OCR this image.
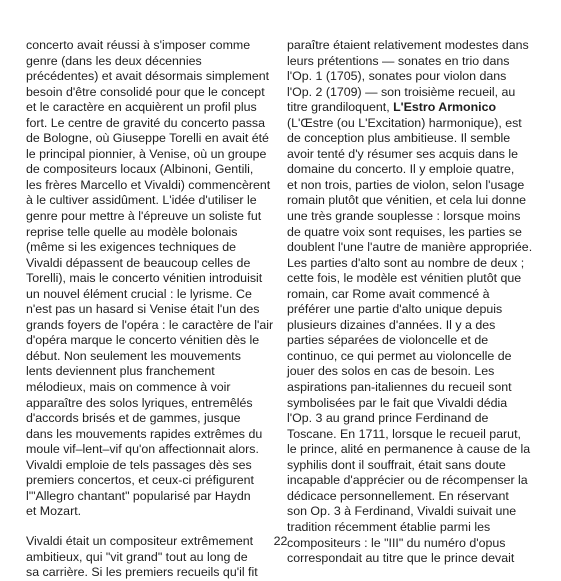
concerto avait réussi à s'imposer comme
genre (dans les deux décennies
précédentes) et avait désormais simplement
besoin d'être consolidé pour que le concept
et le caractère en acquièrent un profil plus
fort. Le centre de gravité du concerto passa
de Bologne, où Giuseppe Torelli en avait été
le principal pionnier, à Venise, où un groupe
de compositeurs locaux (Albinoni, Gentili,
les frères Marcello et Vivaldi) commencèrent
à le cultiver assidûment. L'idée d'utiliser le
genre pour mettre à l'épreuve un soliste fut
reprise telle quelle au modèle bolonais
(même si les exigences techniques de
Vivaldi dépassent de beaucoup celles de
Torelli), mais le concerto vénitien introduisit
un nouvel élément crucial : le lyrisme. Ce
n'est pas un hasard si Venise était l'un des
grands foyers de l'opéra : le caractère de l'air
d'opéra marque le concerto vénitien dès le
début. Non seulement les mouvements
lents deviennent plus franchement
mélodieux, mais on commence à voir
apparaître des solos lyriques, entremêlés
d'accords brisés et de gammes, jusque
dans les mouvements rapides extrêmes du
moule vif–lent–vif qu'on affectionnait alors.
Vivaldi emploie de tels passages dès ses
premiers concertos, et ceux-ci préfigurent
l'"Allegro chantant" popularisé par Haydn
et Mozart.
Vivaldi était un compositeur extrêmement
ambitieux, qui "vit grand" tout au long de
sa carrière. Si les premiers recueils qu'il fit
paraître étaient relativement modestes dans
leurs prétentions — sonates en trio dans
l'Op. 1 (1705), sonates pour violon dans
l'Op. 2 (1709) — son troisième recueil, au
titre grandiloquent, L'Estro Armonico
(L'Œstre (ou L'Excitation) harmonique), est
de conception plus ambitieuse. Il semble
avoir tenté d'y résumer ses acquis dans le
domaine du concerto. Il y emploie quatre,
et non trois, parties de violon, selon l'usage
romain plutôt que vénitien, et cela lui donne
une très grande souplesse : lorsque moins
de quatre voix sont requises, les parties se
doublent l'une l'autre de manière appropriée.
Les parties d'alto sont au nombre de deux ;
cette fois, le modèle est vénitien plutôt que
romain, car Rome avait commencé à
préférer une partie d'alto unique depuis
plusieurs dizaines d'années. Il y a des
parties séparées de violoncelle et de
continuo, ce qui permet au violoncelle de
jouer des solos en cas de besoin. Les
aspirations pan-italiennes du recueil sont
symbolisées par le fait que Vivaldi dédia
l'Op. 3 au grand prince Ferdinand de
Toscane. En 1711, lorsque le recueil parut,
le prince, alité en permanence à cause de la
syphilis dont il souffrait, était sans doute
incapable d'apprécier ou de récompenser la
dédicace personnellement. En réservant
son Op. 3 à Ferdinand, Vivaldi suivait une
tradition récemment établie parmi les
compositeurs : le "III" du numéro d'opus
correspondait au titre que le prince devait
22
